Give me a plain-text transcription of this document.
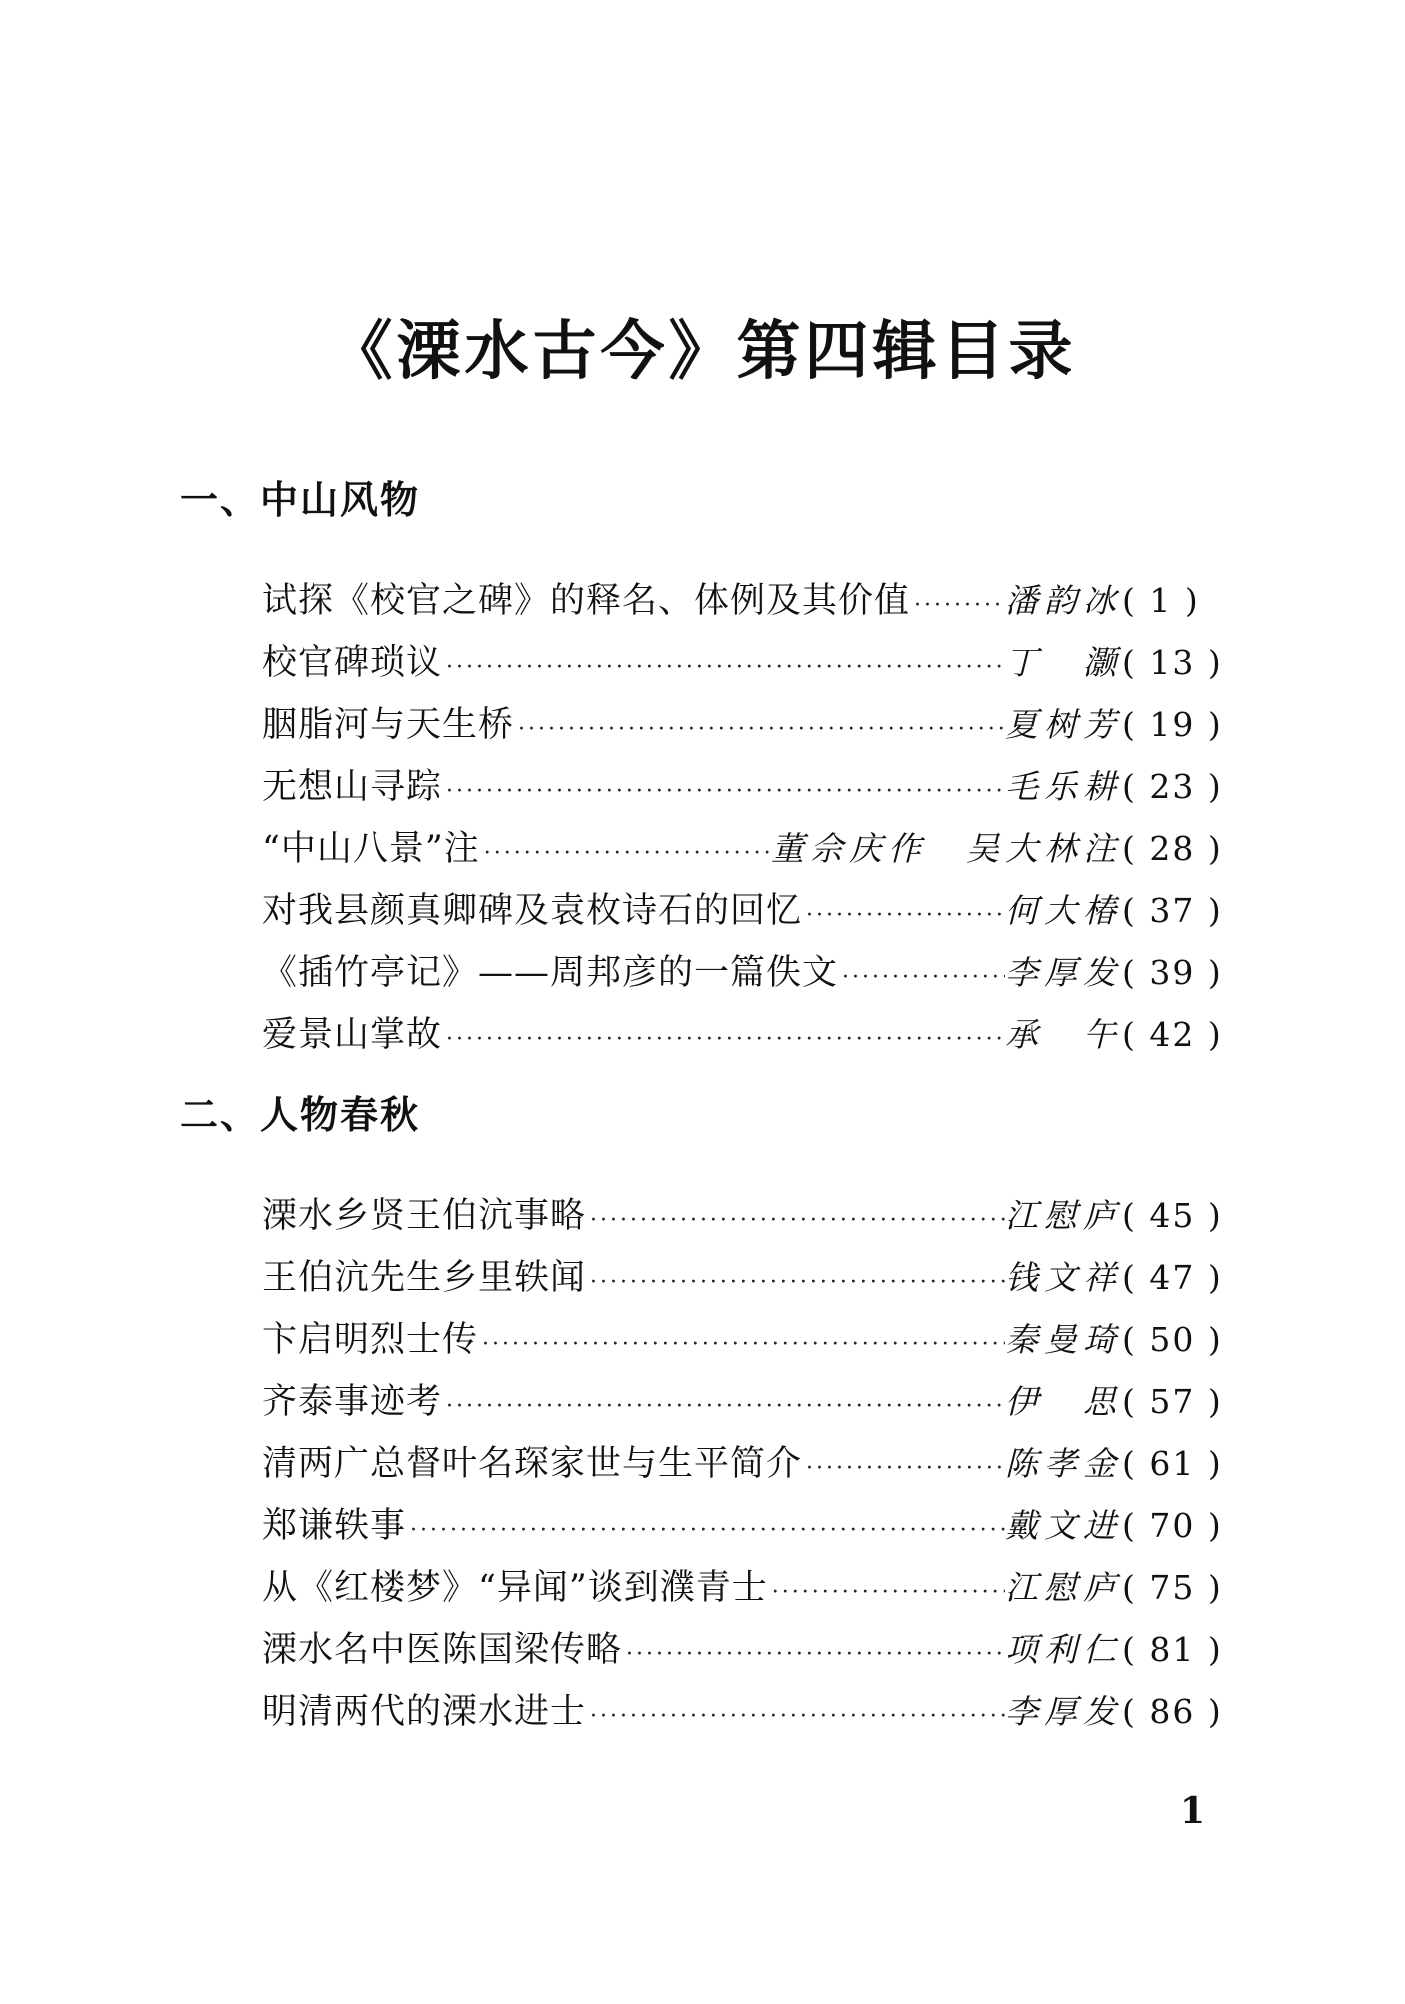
《溧水古今》第四辑目录
一、中山风物
试探《校官之碑》的释名、体例及其价值 ·····	潘韵冰 ( 1 )
校官碑琐议 ·····	丁　灏 ( 13 )
胭脂河与天生桥 ·····	夏树芳 ( 19 )
无想山寻踪 ·····	毛乐耕 ( 23 )
“中山八景”注 ·····	董佘庆作　吴大林注 ( 28 )
对我县颜真卿碑及袁枚诗石的回忆 ·····	何大椿 ( 37 )
《插竹亭记》——周邦彦的一篇佚文 ·····	李厚发 ( 39 )
爱景山掌故 ·····	承　午 ( 42 )
二、人物春秋
溧水乡贤王伯沆事略 ·····	江慰庐 ( 45 )
王伯沆先生乡里轶闻 ·····	钱文祥 ( 47 )
卞启明烈士传 ·····	秦曼琦 ( 50 )
齐泰事迹考 ·····	伊　思 ( 57 )
清两广总督叶名琛家世与生平简介 ·····	陈孝金 ( 61 )
郑谦轶事 ·····	戴文进 ( 70 )
从《红楼梦》“异闻”谈到濮青士 ·····	江慰庐 ( 75 )
溧水名中医陈国梁传略 ·····	项利仁 ( 81 )
明清两代的溧水进士 ·····	李厚发 ( 86 )
1
